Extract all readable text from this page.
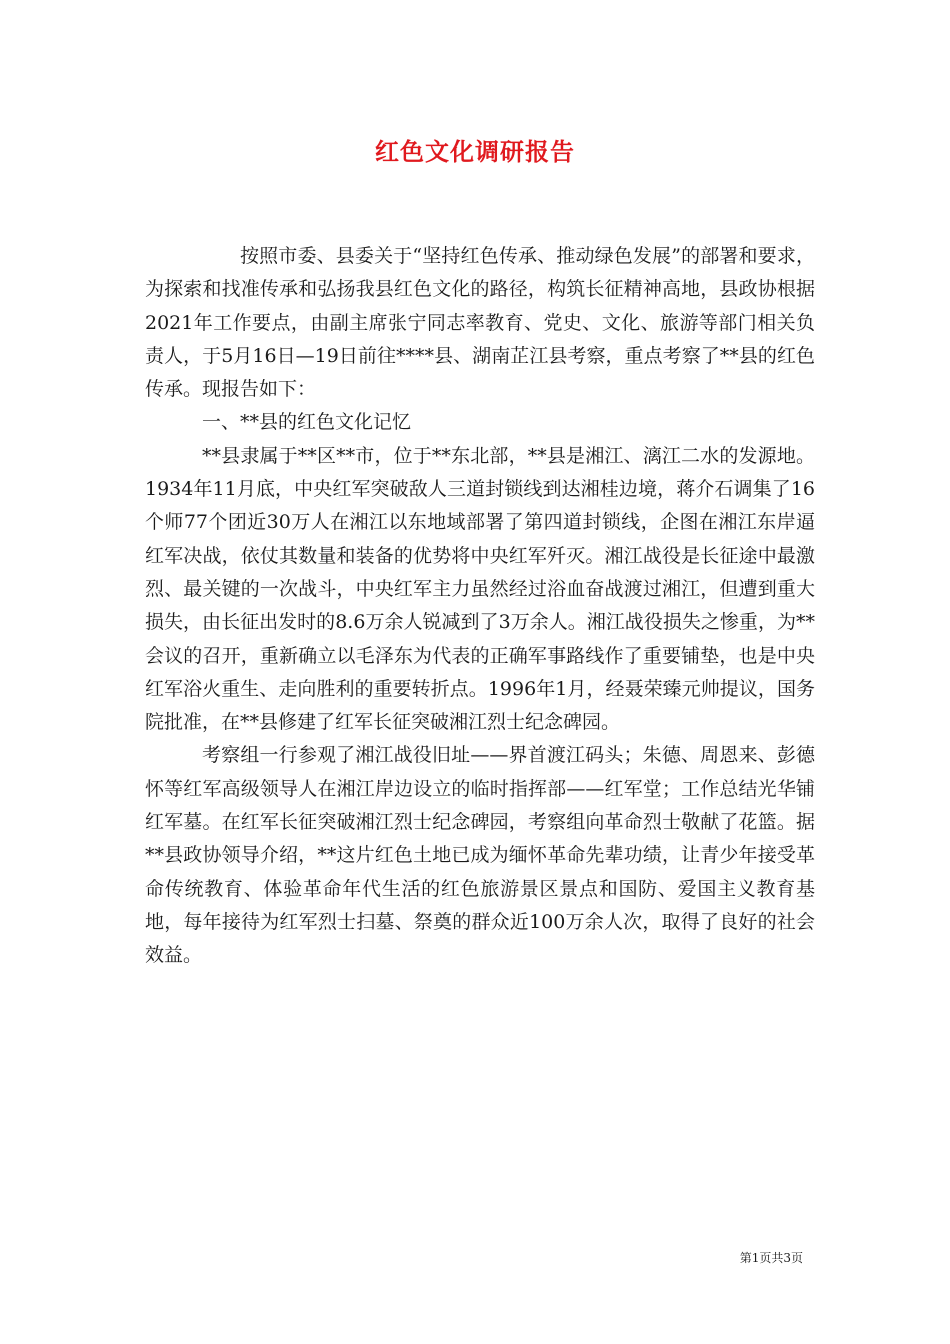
红色文化调研报告

按照市委、县委关于“坚持红色传承、推动绿色发展”的部署和要求，为探索和找准传承和弘扬我县红色文化的路径，构筑长征精神高地，县政协根据2021年工作要点，由副主席张宁同志率教育、党史、文化、旅游等部门相关负责人，于5月16日—19日前往****县、湖南芷江县考察，重点考察了**县的红色传承。现报告如下：

一、**县的红色文化记忆

**县隶属于**区**市，位于**东北部，**县是湘江、漓江二水的发源地。1934年11月底，中央红军突破敌人三道封锁线到达湘桂边境，蒋介石调集了16个师77个团近30万人在湘江以东地域部署了第四道封锁线，企图在湘江东岸逼红军决战，依仗其数量和装备的优势将中央红军歼灭。湘江战役是长征途中最激烈、最关键的一次战斗，中央红军主力虽然经过浴血奋战渡过湘江，但遭到重大损失，由长征出发时的8.6万余人锐减到了3万余人。湘江战役损失之惨重，为**会议的召开，重新确立以毛泽东为代表的正确军事路线作了重要铺垫，也是中央红军浴火重生、走向胜利的重要转折点。1996年1月，经聂荣臻元帅提议，国务院批准，在**县修建了红军长征突破湘江烈士纪念碑园。

考察组一行参观了湘江战役旧址——界首渡江码头；朱德、周恩来、彭德怀等红军高级领导人在湘江岸边设立的临时指挥部——红军堂；工作总结光华铺红军墓。在红军长征突破湘江烈士纪念碑园，考察组向革命烈士敬献了花篮。据**县政协领导介绍，**这片红色土地已成为缅怀革命先辈功绩，让青少年接受革命传统教育、体验革命年代生活的红色旅游景区景点和国防、爱国主义教育基地，每年接待为红军烈士扫墓、祭奠的群众近100万余人次，取得了良好的社会效益。

第1页共3页
